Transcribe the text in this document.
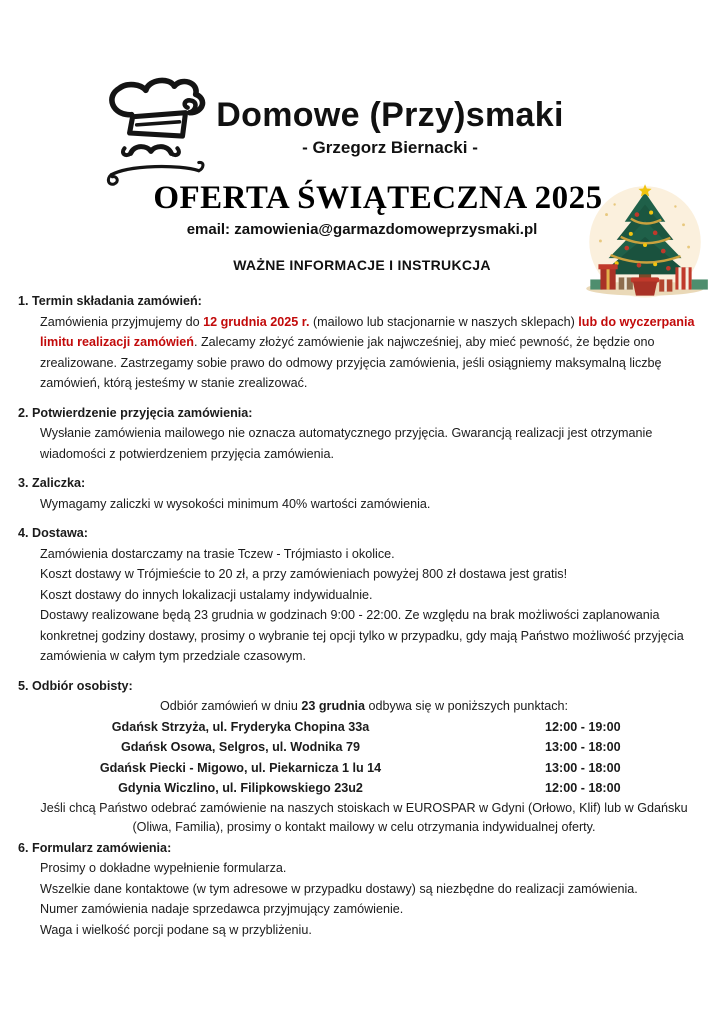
Domowe (Przy)smaki
- Grzegorz Biernacki -
OFERTA ŚWIĄTECZNA 2025
email: zamowienia@garmazdomoweprzysmaki.pl
WAŻNE INFORMACJE I INSTRUKCJA
1. Termin składania zamówień:

Zamówienia przyjmujemy do 12 grudnia 2025 r. (mailowo lub stacjonarnie w naszych sklepach) lub do wyczerpania limitu realizacji zamówień. Zalecamy złożyć zamówienie jak najwcześniej, aby mieć pewność, że będzie ono zrealizowane. Zastrzegamy sobie prawo do odmowy przyjęcia zamówienia, jeśli osiągniemy maksymalną liczbę zamówień, którą jesteśmy w stanie zrealizować.

2. Potwierdzenie przyjęcia zamówienia:

Wysłanie zamówienia mailowego nie oznacza automatycznego przyjęcia. Gwarancją realizacji jest otrzymanie wiadomości z potwierdzeniem przyjęcia zamówienia.

3. Zaliczka:

Wymagamy zaliczki w wysokości minimum 40% wartości zamówienia.

4. Dostawa:

Zamówienia dostarczamy na trasie Tczew - Trójmiasto i okolice.

Koszt dostawy w Trójmieście to 20 zł, a przy zamówieniach powyżej 800 zł dostawa jest gratis!

Koszt dostawy do innych lokalizacji ustalamy indywidualnie.

Dostawy realizowane będą 23 grudnia w godzinach 9:00 - 22:00. Ze względu na brak możliwości zaplanowania konkretnej godziny dostawy, prosimy o wybranie tej opcji tylko w przypadku, gdy mają Państwo możliwość przyjęcia zamówienia w całym tym przedziale czasowym.

5. Odbiór osobisty:

Odbiór zamówień w dniu 23 grudnia odbywa się w poniższych punktach:

Gdańsk Strzyża, ul. Fryderyka Chopina 33a	12:00 - 19:00
Gdańsk Osowa, Selgros, ul. Wodnika 79	13:00 - 18:00
Gdańsk Piecki - Migowo, ul. Piekarnicza 1 lu 14	13:00 - 18:00
Gdynia Wiczlino, ul. Filipkowskiego 23u2	12:00 - 18:00

Jeśli chcą Państwo odebrać zamówienie na naszych stoiskach w EUROSPAR w Gdyni (Orłowo, Klif) lub w Gdańsku (Oliwa, Familia), prosimy o kontakt mailowy w celu otrzymania indywidualnej oferty.

6. Formularz zamówienia:

Prosimy o dokładne wypełnienie formularza.

Wszelkie dane kontaktowe (w tym adresowe w przypadku dostawy) są niezbędne do realizacji zamówienia.

Numer zamówienia nadaje sprzedawca przyjmujący zamówienie.

Waga i wielkość porcji podane są w przybliżeniu.
